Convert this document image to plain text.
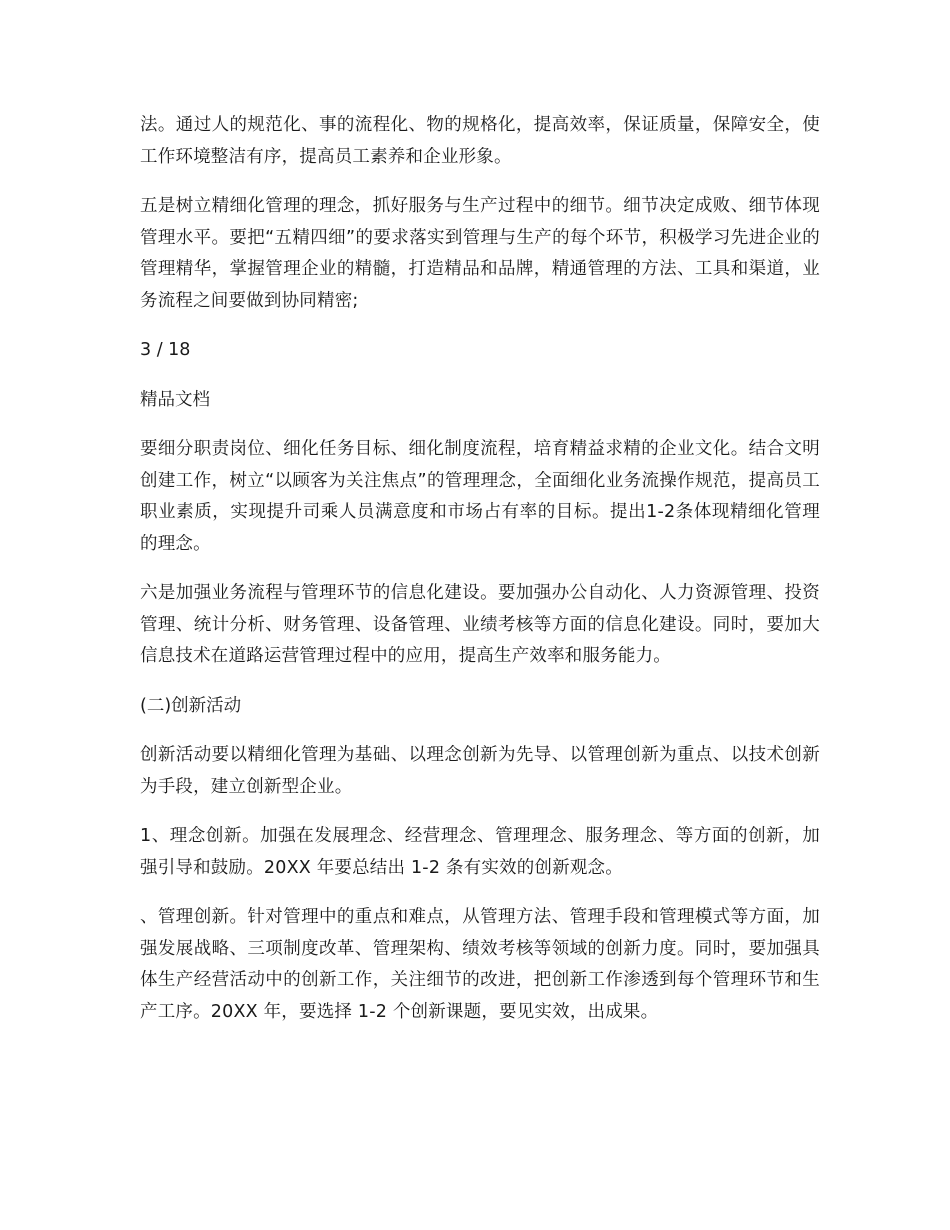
法。通过人的规范化、事的流程化、物的规格化，提高效率，保证质量，保障安全，使工作环境整洁有序，提高员工素养和企业形象。

五是树立精细化管理的理念，抓好服务与生产过程中的细节。细节决定成败、细节体现管理水平。要把“五精四细”的要求落实到管理与生产的每个环节，积极学习先进企业的管理精华，掌握管理企业的精髓，打造精品和品牌，精通管理的方法、工具和渠道，业务流程之间要做到协同精密;

3 / 18

精品文档

要细分职责岗位、细化任务目标、细化制度流程，培育精益求精的企业文化。结合文明创建工作，树立“以顾客为关注焦点”的管理理念，全面细化业务流操作规范，提高员工职业素质，实现提升司乘人员满意度和市场占有率的目标。提出1-2条体现精细化管理的理念。

六是加强业务流程与管理环节的信息化建设。要加强办公自动化、人力资源管理、投资管理、统计分析、财务管理、设备管理、业绩考核等方面的信息化建设。同时，要加大信息技术在道路运营管理过程中的应用，提高生产效率和服务能力。

(二)创新活动

创新活动要以精细化管理为基础、以理念创新为先导、以管理创新为重点、以技术创新为手段，建立创新型企业。

1、理念创新。加强在发展理念、经营理念、管理理念、服务理念、等方面的创新，加强引导和鼓励。20XX 年要总结出 1-2 条有实效的创新观念。

、管理创新。针对管理中的重点和难点，从管理方法、管理手段和管理模式等方面，加强发展战略、三项制度改革、管理架构、绩效考核等领域的创新力度。同时，要加强具体生产经营活动中的创新工作，关注细节的改进，把创新工作渗透到每个管理环节和生产工序。20XX 年，要选择 1-2 个创新课题，要见实效，出成果。
